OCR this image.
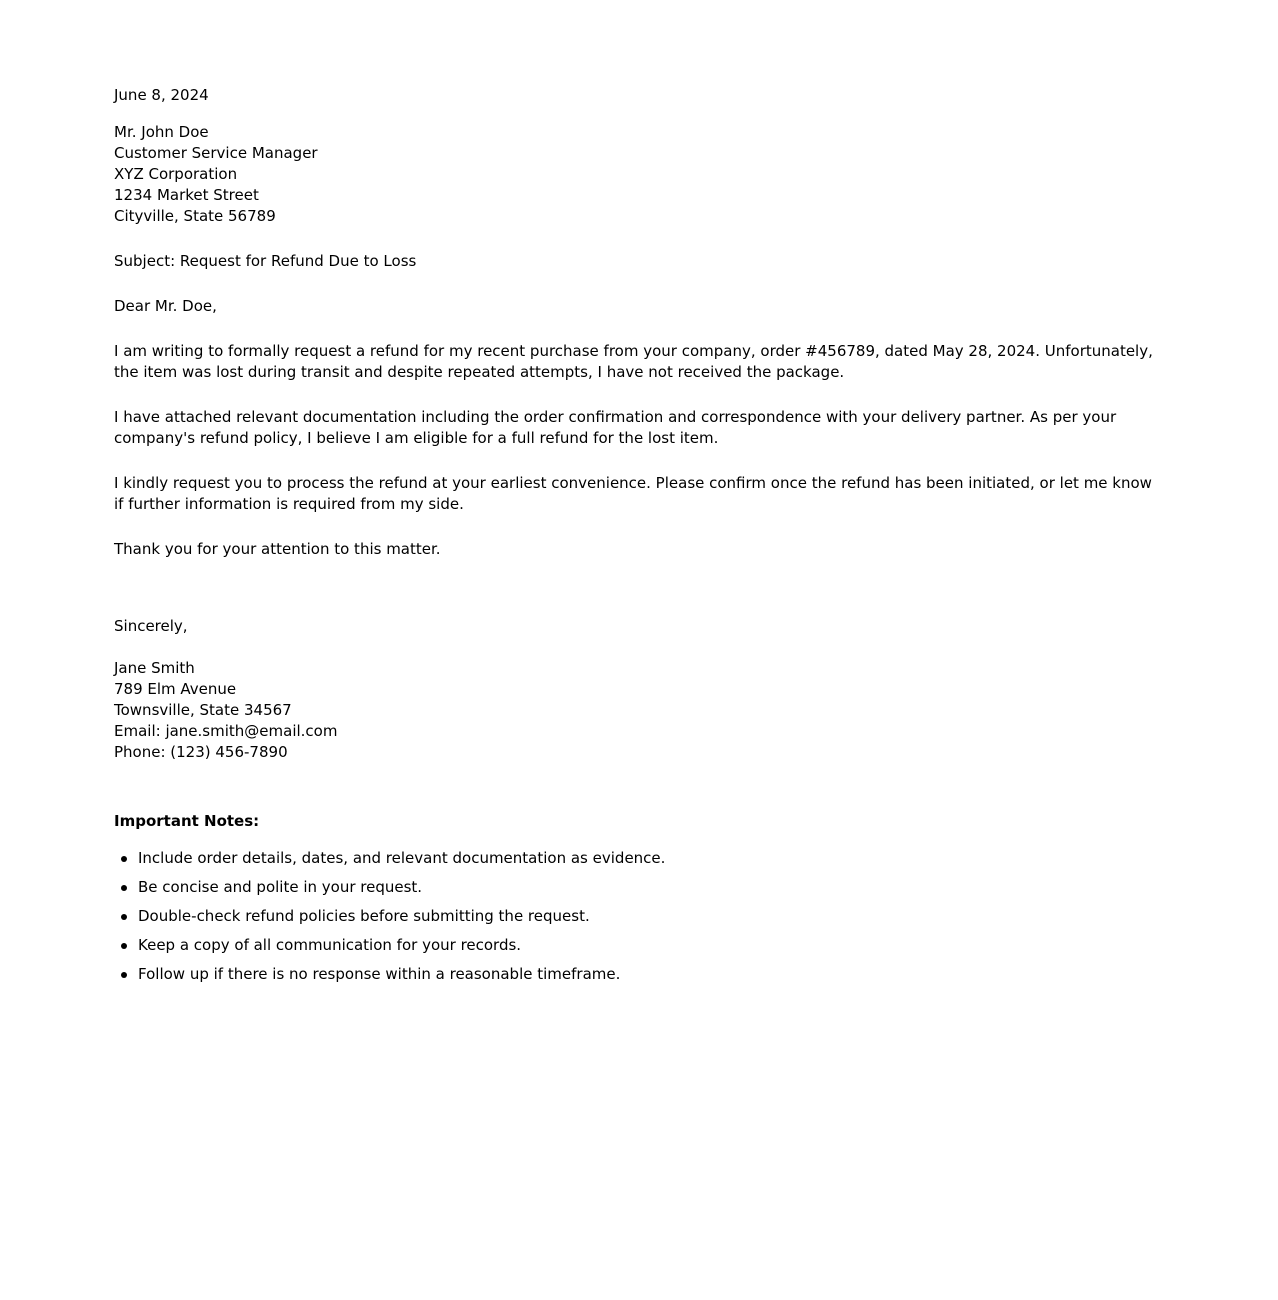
June 8, 2024
Mr. John Doe
Customer Service Manager
XYZ Corporation
1234 Market Street
Cityville, State 56789
Subject: Request for Refund Due to Loss
Dear Mr. Doe,

I am writing to formally request a refund for my recent purchase from your company, order #456789, dated May 28, 2024. Unfortunately, the item was lost during transit and despite repeated attempts, I have not received the package.

I have attached relevant documentation including the order confirmation and correspondence with your delivery partner. As per your company's refund policy, I believe I am eligible for a full refund for the lost item.

I kindly request you to process the refund at your earliest convenience. Please confirm once the refund has been initiated, or let me know if further information is required from my side.

Thank you for your attention to this matter.

Sincerely,
Jane Smith
789 Elm Avenue
Townsville, State 34567
Email: jane.smith@email.com
Phone: (123) 456-7890
Important Notes:
Include order details, dates, and relevant documentation as evidence.
Be concise and polite in your request.
Double-check refund policies before submitting the request.
Keep a copy of all communication for your records.
Follow up if there is no response within a reasonable timeframe.
